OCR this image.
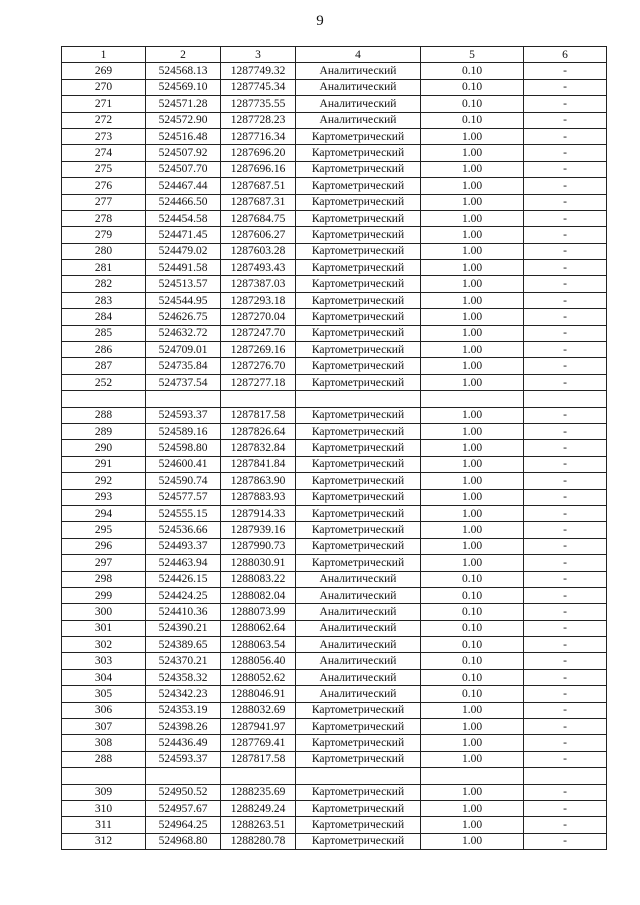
9
1	2	3	4	5	6
269	524568.13	1287749.32	Аналитический	0.10	-
270	524569.10	1287745.34	Аналитический	0.10	-
271	524571.28	1287735.55	Аналитический	0.10	-
272	524572.90	1287728.23	Аналитический	0.10	-
273	524516.48	1287716.34	Картометрический	1.00	-
274	524507.92	1287696.20	Картометрический	1.00	-
275	524507.70	1287696.16	Картометрический	1.00	-
276	524467.44	1287687.51	Картометрический	1.00	-
277	524466.50	1287687.31	Картометрический	1.00	-
278	524454.58	1287684.75	Картометрический	1.00	-
279	524471.45	1287606.27	Картометрический	1.00	-
280	524479.02	1287603.28	Картометрический	1.00	-
281	524491.58	1287493.43	Картометрический	1.00	-
282	524513.57	1287387.03	Картометрический	1.00	-
283	524544.95	1287293.18	Картометрический	1.00	-
284	524626.75	1287270.04	Картометрический	1.00	-
285	524632.72	1287247.70	Картометрический	1.00	-
286	524709.01	1287269.16	Картометрический	1.00	-
287	524735.84	1287276.70	Картометрический	1.00	-
252	524737.54	1287277.18	Картометрический	1.00	-

288	524593.37	1287817.58	Картометрический	1.00	-
289	524589.16	1287826.64	Картометрический	1.00	-
290	524598.80	1287832.84	Картометрический	1.00	-
291	524600.41	1287841.84	Картометрический	1.00	-
292	524590.74	1287863.90	Картометрический	1.00	-
293	524577.57	1287883.93	Картометрический	1.00	-
294	524555.15	1287914.33	Картометрический	1.00	-
295	524536.66	1287939.16	Картометрический	1.00	-
296	524493.37	1287990.73	Картометрический	1.00	-
297	524463.94	1288030.91	Картометрический	1.00	-
298	524426.15	1288083.22	Аналитический	0.10	-
299	524424.25	1288082.04	Аналитический	0.10	-
300	524410.36	1288073.99	Аналитический	0.10	-
301	524390.21	1288062.64	Аналитический	0.10	-
302	524389.65	1288063.54	Аналитический	0.10	-
303	524370.21	1288056.40	Аналитический	0.10	-
304	524358.32	1288052.62	Аналитический	0.10	-
305	524342.23	1288046.91	Аналитический	0.10	-
306	524353.19	1288032.69	Картометрический	1.00	-
307	524398.26	1287941.97	Картометрический	1.00	-
308	524436.49	1287769.41	Картометрический	1.00	-
288	524593.37	1287817.58	Картометрический	1.00	-

309	524950.52	1288235.69	Картометрический	1.00	-
310	524957.67	1288249.24	Картометрический	1.00	-
311	524964.25	1288263.51	Картометрический	1.00	-
312	524968.80	1288280.78	Картометрический	1.00	-
